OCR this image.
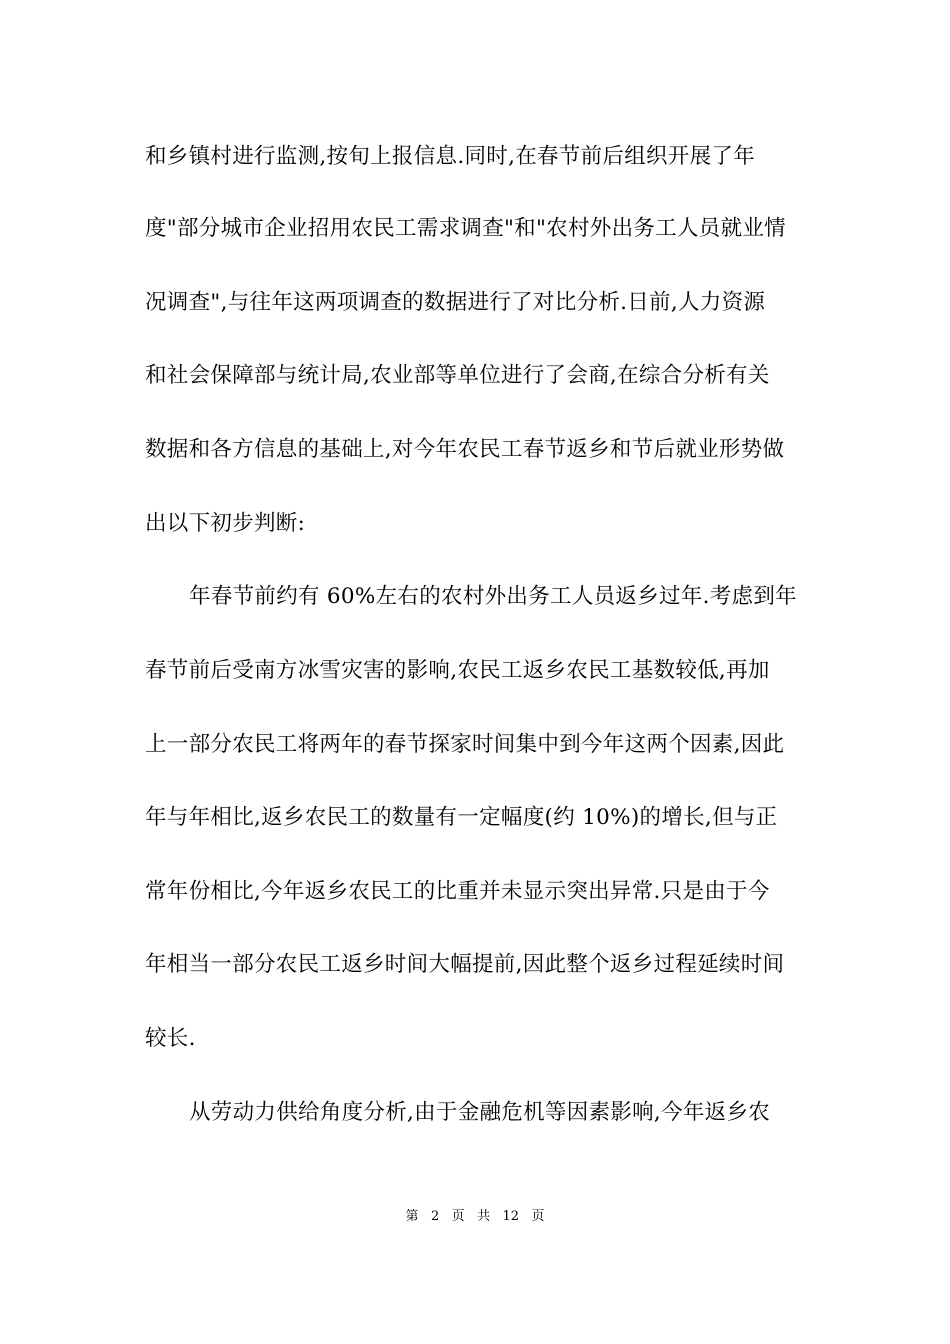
和乡镇村进行监测,按旬上报信息.同时,在春节前后组织开展了年
度"部分城市企业招用农民工需求调查"和"农村外出务工人员就业情
况调查",与往年这两项调查的数据进行了对比分析.日前,人力资源
和社会保障部与统计局,农业部等单位进行了会商,在综合分析有关
数据和各方信息的基础上,对今年农民工春节返乡和节后就业形势做
出以下初步判断:
年春节前约有 60%左右的农村外出务工人员返乡过年.考虑到年
春节前后受南方冰雪灾害的影响,农民工返乡农民工基数较低,再加
上一部分农民工将两年的春节探家时间集中到今年这两个因素,因此
年与年相比,返乡农民工的数量有一定幅度(约 10%)的增长,但与正
常年份相比,今年返乡农民工的比重并未显示突出异常.只是由于今
年相当一部分农民工返乡时间大幅提前,因此整个返乡过程延续时间
较长.
从劳动力供给角度分析,由于金融危机等因素影响,今年返乡农
第 2 页 共 12 页
